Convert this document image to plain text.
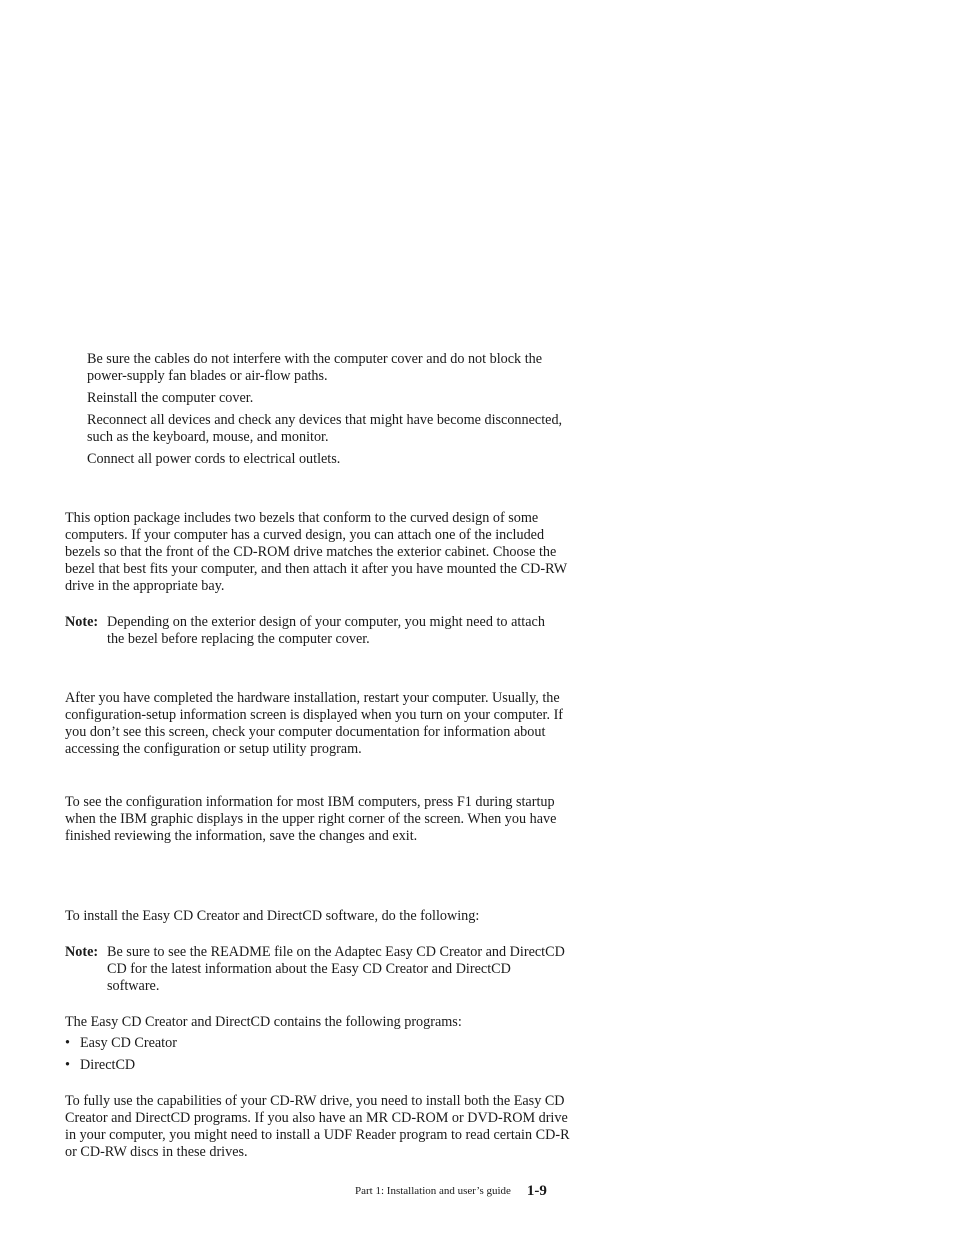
Be sure the cables do not interfere with the computer cover and do not block the power-supply fan blades or air-flow paths.

Reinstall the computer cover.

Reconnect all devices and check any devices that might have become disconnected, such as the keyboard, mouse, and monitor.

Connect all power cords to electrical outlets.

This option package includes two bezels that conform to the curved design of some computers. If your computer has a curved design, you can attach one of the included bezels so that the front of the CD-ROM drive matches the exterior cabinet. Choose the bezel that best fits your computer, and then attach it after you have mounted the CD-RW drive in the appropriate bay.

Note: Depending on the exterior design of your computer, you might need to attach the bezel before replacing the computer cover.

After you have completed the hardware installation, restart your computer. Usually, the configuration-setup information screen is displayed when you turn on your computer. If you don’t see this screen, check your computer documentation for information about accessing the configuration or setup utility program.

To see the configuration information for most IBM computers, press F1 during startup when the IBM graphic displays in the upper right corner of the screen. When you have finished reviewing the information, save the changes and exit.

To install the Easy CD Creator and DirectCD software, do the following:

Note: Be sure to see the README file on the Adaptec Easy CD Creator and DirectCD CD for the latest information about the Easy CD Creator and DirectCD software.

The Easy CD Creator and DirectCD contains the following programs:

• Easy CD Creator

• DirectCD

To fully use the capabilities of your CD-RW drive, you need to install both the Easy CD Creator and DirectCD programs. If you also have an MR CD-ROM or DVD-ROM drive in your computer, you might need to install a UDF Reader program to read certain CD-R or CD-RW discs in these drives.

Part 1: Installation and user’s guide 1-9
